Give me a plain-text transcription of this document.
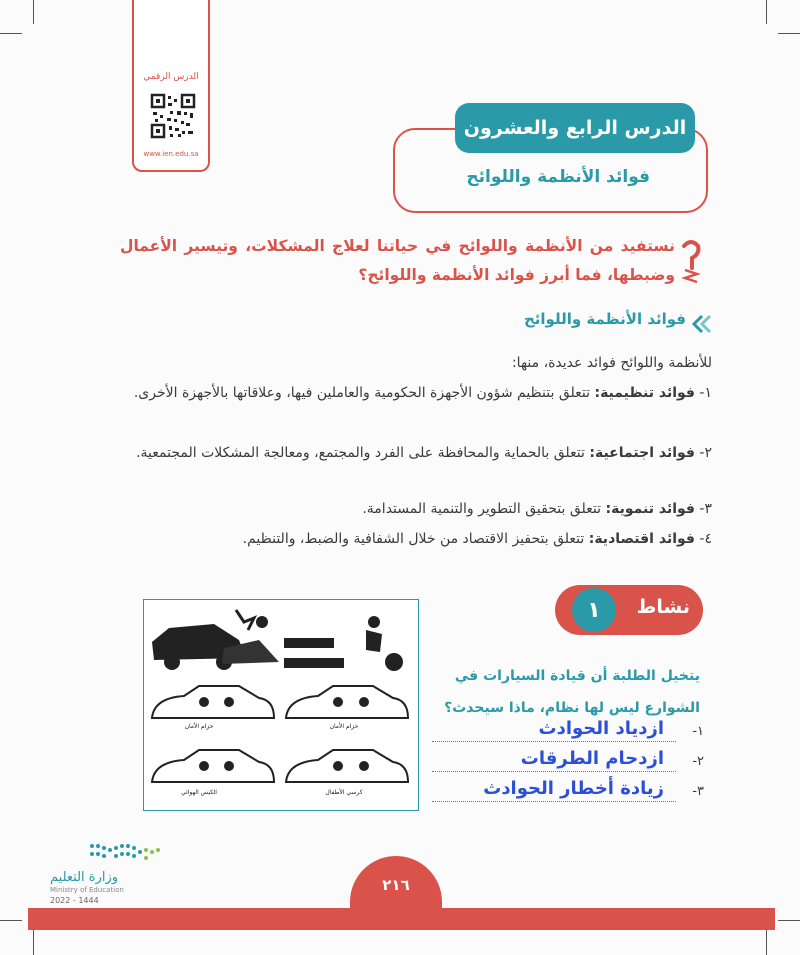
الدرس الرقمي
www.ien.edu.sa
الدرس الرابع والعشرون
فوائد الأنظمة واللوائح
نستفيد من الأنظمة واللوائح في حياتنا لعلاج المشكلات، وتيسير الأعمال وضبطها، فما أبرز فوائد الأنظمة واللوائح؟
فوائد الأنظمة واللوائح
للأنظمة واللوائح فوائد عديدة، منها:
١- فوائد تنظيمية: تتعلق بتنظيم شؤون الأجهزة الحكومية والعاملين فيها، وعلاقاتها بالأجهزة الأخرى.
٢- فوائد اجتماعية: تتعلق بالحماية والمحافظة على الفرد والمجتمع، ومعالجة المشكلات المجتمعية.
٣- فوائد تنموية: تتعلق بتحقيق التطوير والتنمية المستدامة.
٤- فوائد اقتصادية: تتعلق بتحفيز الاقتصاد من خلال الشفافية والضبط، والتنظيم.
نشاط
١
يتخيل الطلبة أن قيادة السيارات في الشوارع ليس لها نظام، ماذا سيحدث؟
١-
ازدياد الحوادث
٢-
ازدحام الطرقات
٣-
زيادة أخطار الحوادث
حزام الأمان	حزام الأمان
الكيس الهوائي	كرسي الأطفال
وزارة التعليم
Ministry of Education
2022 - 1444
٢١٦
